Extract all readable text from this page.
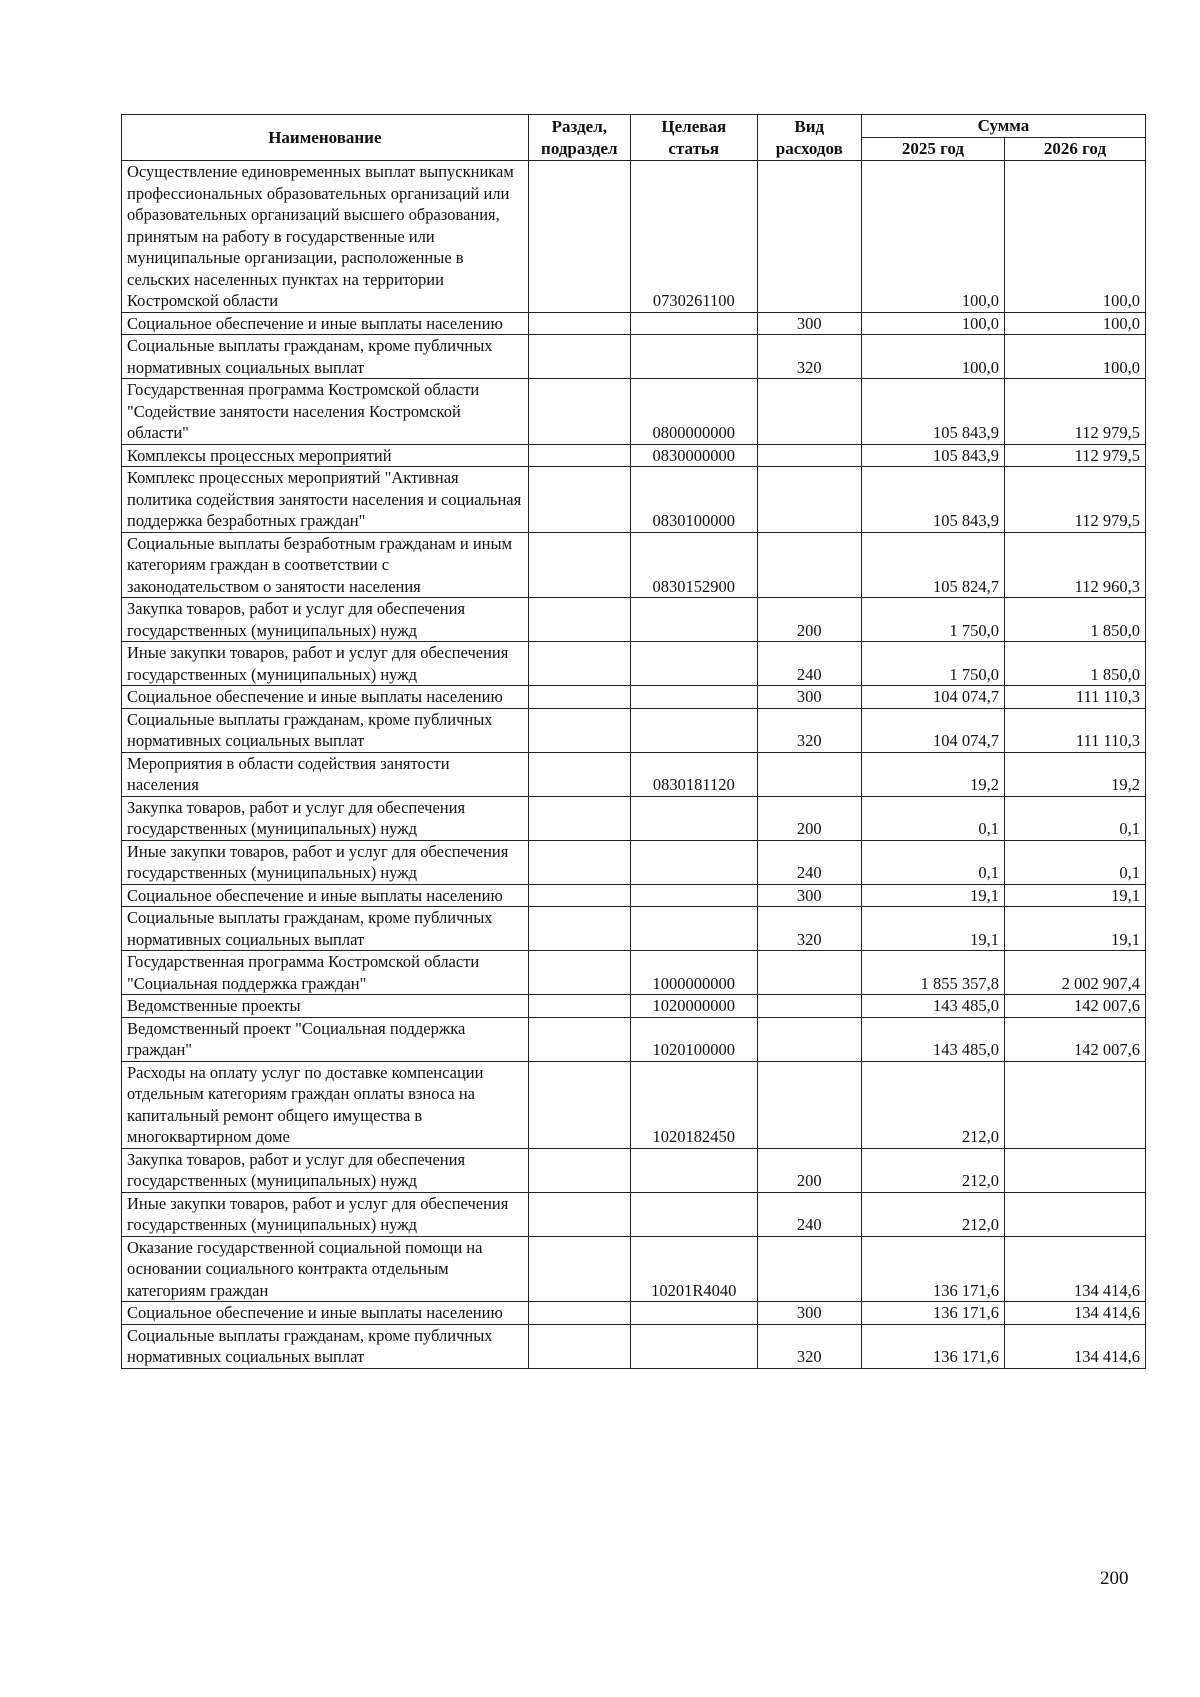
Наименование	Раздел, подраздел	Целевая статья	Вид расходов	Сумма	
				2025 год	2026 год
Осуществление единовременных выплат выпускникам профессиональных образовательных организаций или образовательных организаций высшего образования, принятым на работу в государственные или муниципальные организации, расположенные в сельских населенных пунктах на территории Костромской области		0730261100		100,0	100,0
Социальное обеспечение и иные выплаты населению			300	100,0	100,0
Социальные выплаты гражданам, кроме публичных нормативных социальных выплат			320	100,0	100,0
Государственная программа Костромской области "Содействие занятости населения Костромской области"		0800000000		105 843,9	112 979,5
Комплексы процессных мероприятий		0830000000		105 843,9	112 979,5
Комплекс процессных мероприятий "Активная политика содействия занятости населения и социальная поддержка безработных граждан"		0830100000		105 843,9	112 979,5
Социальные выплаты безработным гражданам и иным категориям граждан в соответствии с законодательством о занятости населения		0830152900		105 824,7	112 960,3
Закупка товаров, работ и услуг для обеспечения государственных (муниципальных) нужд			200	1 750,0	1 850,0
Иные закупки товаров, работ и услуг для обеспечения государственных (муниципальных) нужд			240	1 750,0	1 850,0
Социальное обеспечение и иные выплаты населению			300	104 074,7	111 110,3
Социальные выплаты гражданам, кроме публичных нормативных социальных выплат			320	104 074,7	111 110,3
Мероприятия в области содействия занятости населения		0830181120		19,2	19,2
Закупка товаров, работ и услуг для обеспечения государственных (муниципальных) нужд			200	0,1	0,1
Иные закупки товаров, работ и услуг для обеспечения государственных (муниципальных) нужд			240	0,1	0,1
Социальное обеспечение и иные выплаты населению			300	19,1	19,1
Социальные выплаты гражданам, кроме публичных нормативных социальных выплат			320	19,1	19,1
Государственная программа Костромской области "Социальная поддержка граждан"		1000000000		1 855 357,8	2 002 907,4
Ведомственные проекты		1020000000		143 485,0	142 007,6
Ведомственный проект "Социальная поддержка граждан"		1020100000		143 485,0	142 007,6
Расходы на оплату услуг по доставке компенсации отдельным категориям граждан оплаты взноса на капитальный ремонт общего имущества в многоквартирном доме		1020182450		212,0	
Закупка товаров, работ и услуг для обеспечения государственных (муниципальных) нужд			200	212,0	
Иные закупки товаров, работ и услуг для обеспечения государственных (муниципальных) нужд			240	212,0	
Оказание государственной социальной помощи на основании социального контракта отдельным категориям граждан		10201R4040		136 171,6	134 414,6
Социальное обеспечение и иные выплаты населению			300	136 171,6	134 414,6
Социальные выплаты гражданам, кроме публичных нормативных социальных выплат			320	136 171,6	134 414,6
200
